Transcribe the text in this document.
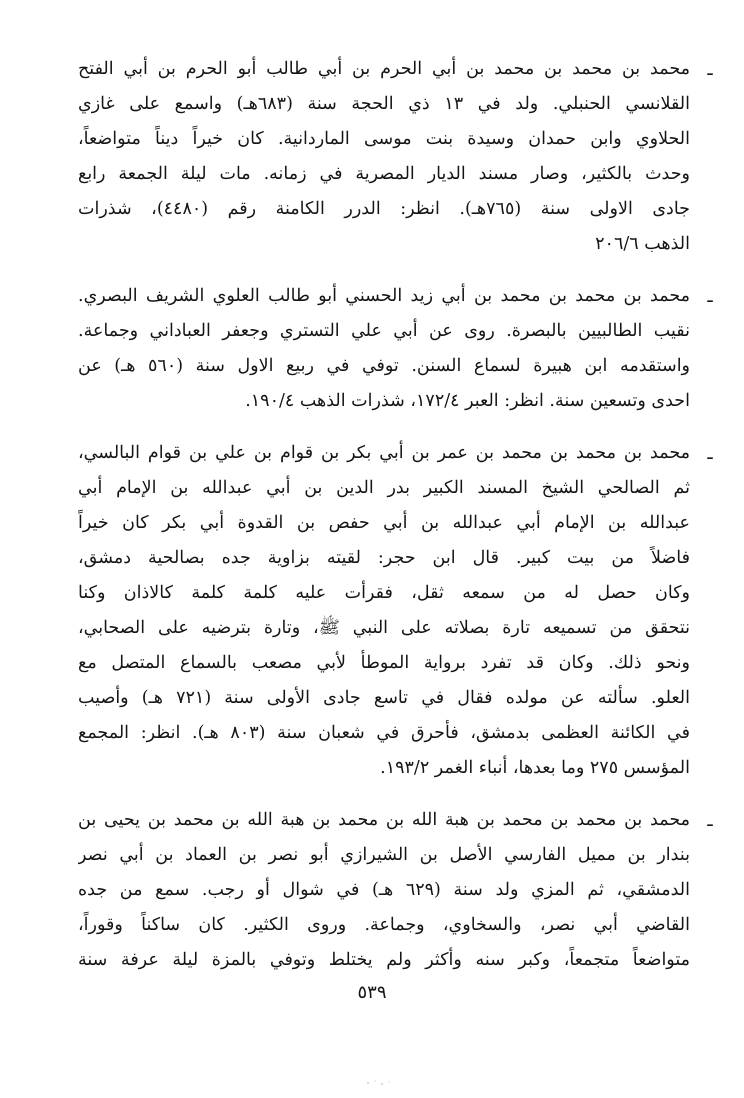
ـ
محمد بن محمد بن محمد بن أبي الحرم بن أبي طالب أبو الحرم بن أبي الفتح
القلانسي الحنبلي. ولد في ١٣ ذي الحجة سنة (٦٨٣هـ) واسمع على غازي
الحلاوي وابن حمدان وسيدة بنت موسى الماردانية. كان خيراً ديناً متواضعاً،
وحدث بالكثير، وصار مسند الديار المصرية في زمانه. مات ليلة الجمعة رابع
جادى الاولى سنة (٧٦٥هـ). انظر: الدرر الكامنة رقم (٤٤٨٠)، شذرات
الذهب ٢٠٦/٦
ـ
محمد بن محمد بن محمد بن أبي زيد الحسني أبو طالب العلوي الشريف البصري.
نقيب الطالبيين بالبصرة. روى عن أبي علي التستري وجعفر العباداني وجماعة.
واستقدمه ابن هبيرة لسماع السنن. توفي في ربيع الاول سنة (٥٦٠ هـ) عن
احدى وتسعين سنة. انظر: العبر ١٧٢/٤، شذرات الذهب ١٩٠/٤.
ـ
محمد بن محمد بن محمد بن عمر بن أبي بكر بن قوام بن علي بن قوام البالسي،
ثم الصالحي الشيخ المسند الكبير بدر الدين بن أبي عبدالله بن الإمام أبي
عبدالله بن الإمام أبي عبدالله بن أبي حفص بن القدوة أبي بكر كان خيراً
فاضلاً من بيت كبير. قال ابن حجر: لقيته بزاوية جده بصالحية دمشق،
وكان حصل له من سمعه ثقل، فقرأت عليه كلمة كلمة كالاذان وكنا
نتحقق من تسميعه تارة بصلاته على النبي ﷺ، وتارة بترضيه على الصحابي،
ونحو ذلك. وكان قد تفرد برواية الموطأ لأبي مصعب بالسماع المتصل مع
العلو. سألته عن مولده فقال في تاسع جادى الأولى سنة (٧٢١ هـ) وأصيب
في الكائنة العظمى بدمشق، فأحرق في شعبان سنة (٨٠٣ هـ). انظر: المجمع
المؤسس ٢٧٥ وما بعدها، أنباء الغمر ١٩٣/٢.
ـ
محمد بن محمد بن محمد بن هبة الله بن محمد بن هبة الله بن محمد بن يحيى بن
بندار بن مميل الفارسي الأصل بن الشيرازي أبو نصر بن العماد بن أبي نصر
الدمشقي، ثم المزي ولد سنة (٦٢٩ هـ) في شوال أو رجب. سمع من جده
القاضي أبي نصر، والسخاوي، وجماعة. وروى الكثير. كان ساكناً وقوراً،
متواضعاً متجمعاً، وكبر سنه وأكثر ولم يختلط وتوفي بالمزة ليلة عرفة سنة
٥٣٩
